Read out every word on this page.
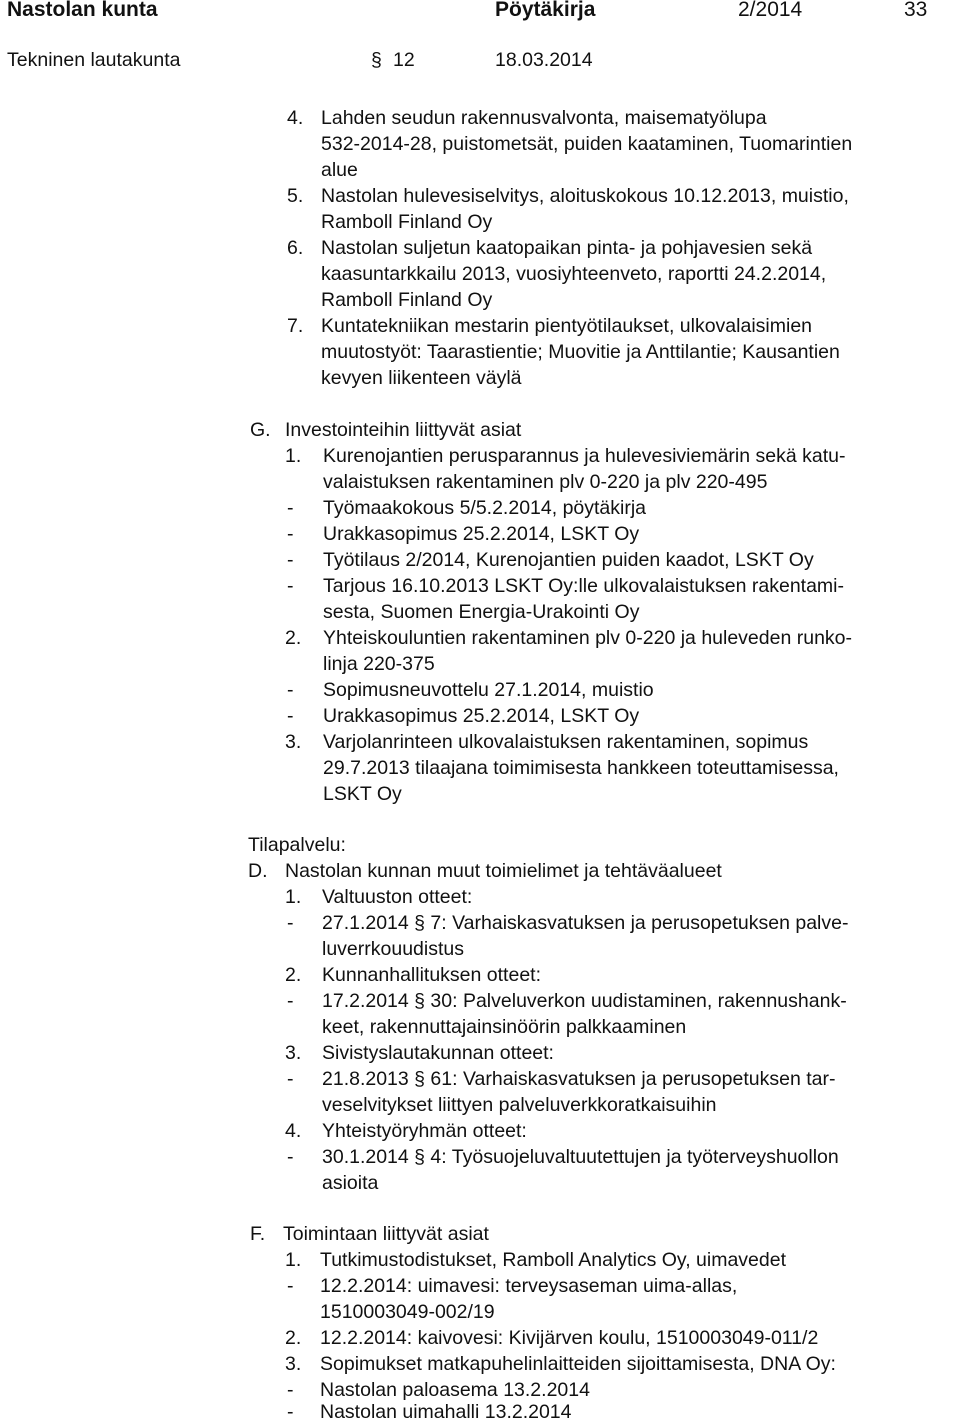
Nastolan kunta	Pöytäkirja	2/2014	33
Tekninen lautakunta	§ 12	18.03.2014
4. Lahden seudun rakennusvalvonta, maisematyölupa
532-2014-28, puistometsät, puiden kaataminen, Tuomarintien
alue
5. Nastolan hulevesiselvitys, aloituskokous 10.12.2013, muistio,
Ramboll Finland Oy
6. Nastolan suljetun kaatopaikan pinta- ja pohjavesien sekä
kaasuntarkkailu 2013, vuosiyhteenveto, raportti 24.2.2014,
Ramboll Finland Oy
7. Kuntatekniikan mestarin pientyötilaukset, ulkovalaisimien
muutostyöt: Taarastientie; Muovitie ja Anttilantie; Kausantien
kevyen liikenteen väylä
G. Investointeihin liittyvät asiat
1. Kurenojantien perusparannus ja hulevesiviemärin sekä katu-
valaistuksen rakentaminen plv 0-220 ja plv 220-495
- Työmaakokous 5/5.2.2014, pöytäkirja
- Urakkasopimus 25.2.2014, LSKT Oy
- Työtilaus 2/2014, Kurenojantien puiden kaadot, LSKT Oy
- Tarjous 16.10.2013 LSKT Oy:lle ulkovalaistuksen rakentami-
sesta, Suomen Energia-Urakointi Oy
2. Yhteiskouluntien rakentaminen plv 0-220 ja huleveden runko-
linja 220-375
- Sopimusneuvottelu 27.1.2014, muistio
- Urakkasopimus 25.2.2014, LSKT Oy
3. Varjolanrinteen ulkovalaistuksen rakentaminen, sopimus
29.7.2013 tilaajana toimimisesta hankkeen toteuttamisessa,
LSKT Oy
Tilapalvelu:
D. Nastolan kunnan muut toimielimet ja tehtäväalueet
1. Valtuuston otteet:
- 27.1.2014 § 7: Varhaiskasvatuksen ja perusopetuksen palve-
luverrkouudistus
2. Kunnanhallituksen otteet:
- 17.2.2014 § 30: Palveluverkon uudistaminen, rakennushank-
keet, rakennuttajainsinöörin palkkaaminen
3. Sivistyslautakunnan otteet:
- 21.8.2013 § 61: Varhaiskasvatuksen ja perusopetuksen tar-
veselvitykset liittyen palveluverkkoratkaisuihin
4. Yhteistyöryhmän otteet:
- 30.1.2014 § 4: Työsuojeluvaltuutettujen ja työterveyshuollon
asioita
F. Toimintaan liittyvät asiat
1. Tutkimustodistukset, Ramboll Analytics Oy, uimavedet
- 12.2.2014: uimavesi: terveysaseman uima-allas,
1510003049-002/19
2. 12.2.2014: kaivovesi: Kivijärven koulu, 1510003049-011/2
3. Sopimukset matkapuhelinlaitteiden sijoittamisesta, DNA Oy:
- Nastolan paloasema 13.2.2014
- Nastolan uimahalli 13.2.2014
